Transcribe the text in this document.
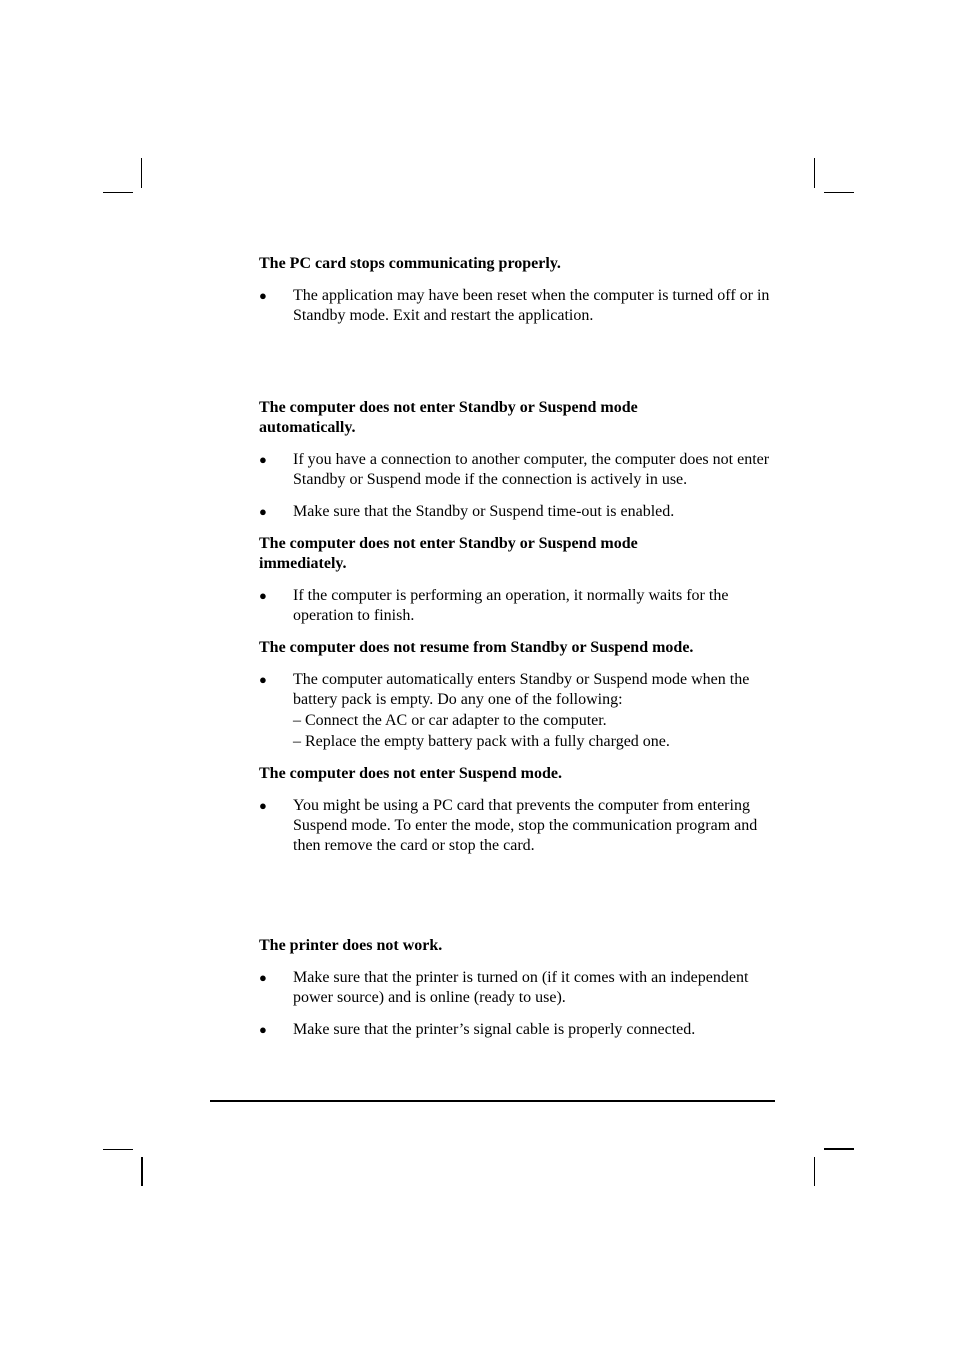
The PC card stops communicating properly.
● The application may have been reset when the computer is turned off or in Standby mode. Exit and restart the application.
The computer does not enter Standby or Suspend mode automatically.
● If you have a connection to another computer, the computer does not enter Standby or Suspend mode if the connection is actively in use.
● Make sure that the Standby or Suspend time-out is enabled.
The computer does not enter Standby or Suspend mode immediately.
● If the computer is performing an operation, it normally waits for the operation to finish.
The computer does not resume from Standby or Suspend mode.
● The computer automatically enters Standby or Suspend mode when the battery pack is empty. Do any one of the following:
– Connect the AC or car adapter to the computer.
– Replace the empty battery pack with a fully charged one.
The computer does not enter Suspend mode.
● You might be using a PC card that prevents the computer from entering Suspend mode. To enter the mode, stop the communication program and then remove the card or stop the card.
The printer does not work.
● Make sure that the printer is turned on (if it comes with an independent power source) and is online (ready to use).
● Make sure that the printer’s signal cable is properly connected.
